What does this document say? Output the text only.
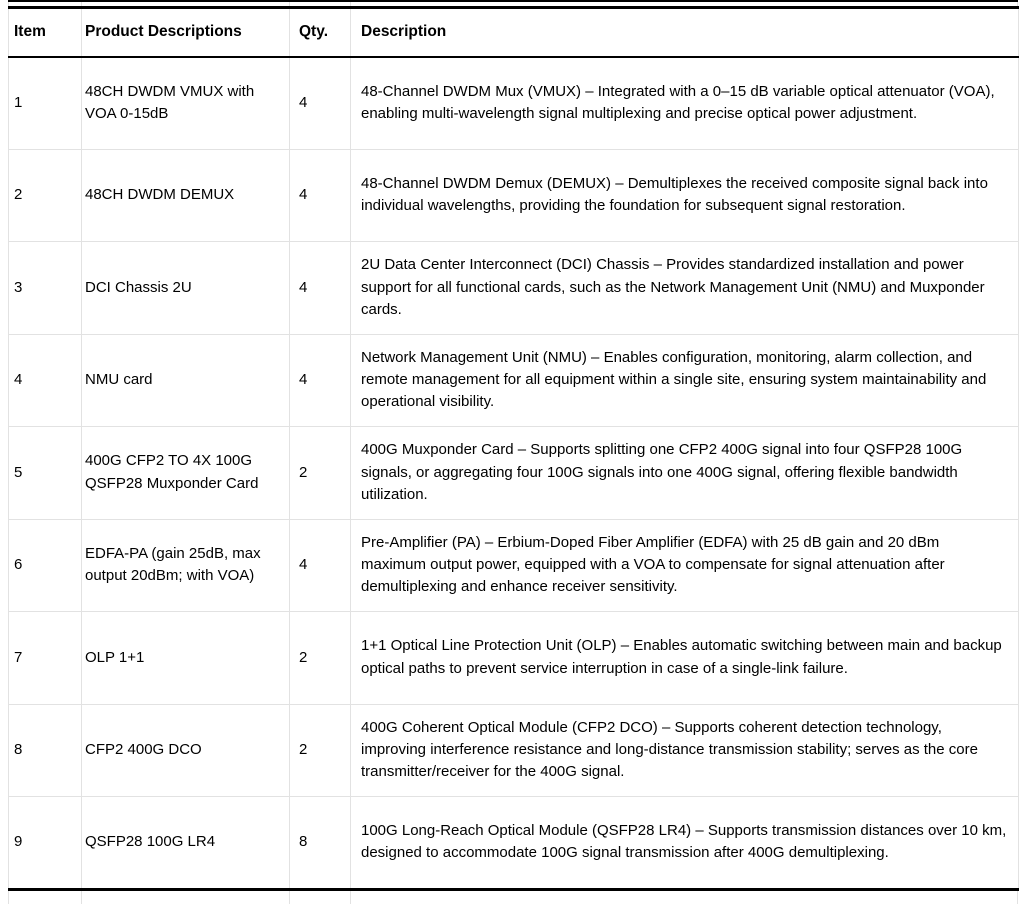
Item	Product Descriptions	Qty.	Description
1	48CH DWDM VMUX with VOA 0-15dB	4	48-Channel DWDM Mux (VMUX) – Integrated with a 0–15 dB variable optical attenuator (VOA), enabling multi-wavelength signal multiplexing and precise optical power adjustment.
2	48CH DWDM DEMUX	4	48-Channel DWDM Demux (DEMUX) – Demultiplexes the received composite signal back into individual wavelengths, providing the foundation for subsequent signal restoration.
3	DCI Chassis 2U	4	2U Data Center Interconnect (DCI) Chassis – Provides standardized installation and power support for all functional cards, such as the Network Management Unit (NMU) and Muxponder cards.
4	NMU card	4	Network Management Unit (NMU) – Enables configuration, monitoring, alarm collection, and remote management for all equipment within a single site, ensuring system maintainability and operational visibility.
5	400G CFP2 TO 4X 100G QSFP28 Muxponder Card	2	400G Muxponder Card – Supports splitting one CFP2 400G signal into four QSFP28 100G signals, or aggregating four 100G signals into one 400G signal, offering flexible bandwidth utilization.
6	EDFA-PA (gain 25dB, max output 20dBm; with VOA)	4	Pre-Amplifier (PA) – Erbium-Doped Fiber Amplifier (EDFA) with 25 dB gain and 20 dBm maximum output power, equipped with a VOA to compensate for signal attenuation after demultiplexing and enhance receiver sensitivity.
7	OLP 1+1	2	1+1 Optical Line Protection Unit (OLP) – Enables automatic switching between main and backup optical paths to prevent service interruption in case of a single-link failure.
8	CFP2 400G DCO	2	400G Coherent Optical Module (CFP2 DCO) – Supports coherent detection technology, improving interference resistance and long-distance transmission stability; serves as the core transmitter/receiver for the 400G signal.
9	QSFP28 100G LR4	8	100G Long-Reach Optical Module (QSFP28 LR4) – Supports transmission distances over 10 km, designed to accommodate 100G signal transmission after 400G demultiplexing.
